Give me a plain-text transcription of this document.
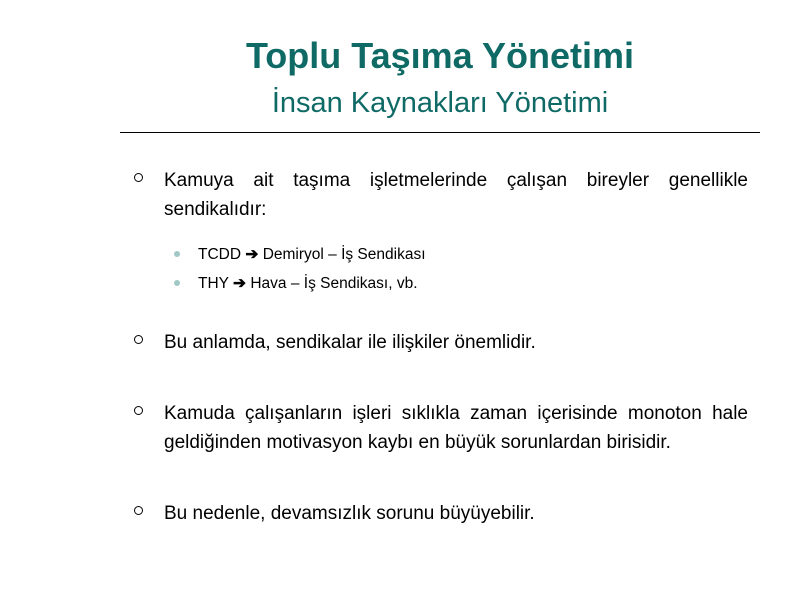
Toplu Taşıma Yönetimi
İnsan Kaynakları Yönetimi
Kamuya ait taşıma işletmelerinde çalışan bireyler genellikle sendikalıdır:
TCDD ➔ Demiryol – İş Sendikası
THY ➔ Hava – İş Sendikası, vb.
Bu anlamda, sendikalar ile ilişkiler önemlidir.
Kamuda çalışanların işleri sıklıkla zaman içerisinde monoton hale geldiğinden motivasyon kaybı en büyük sorunlardan birisidir.
Bu nedenle, devamsızlık sorunu büyüyebilir.
